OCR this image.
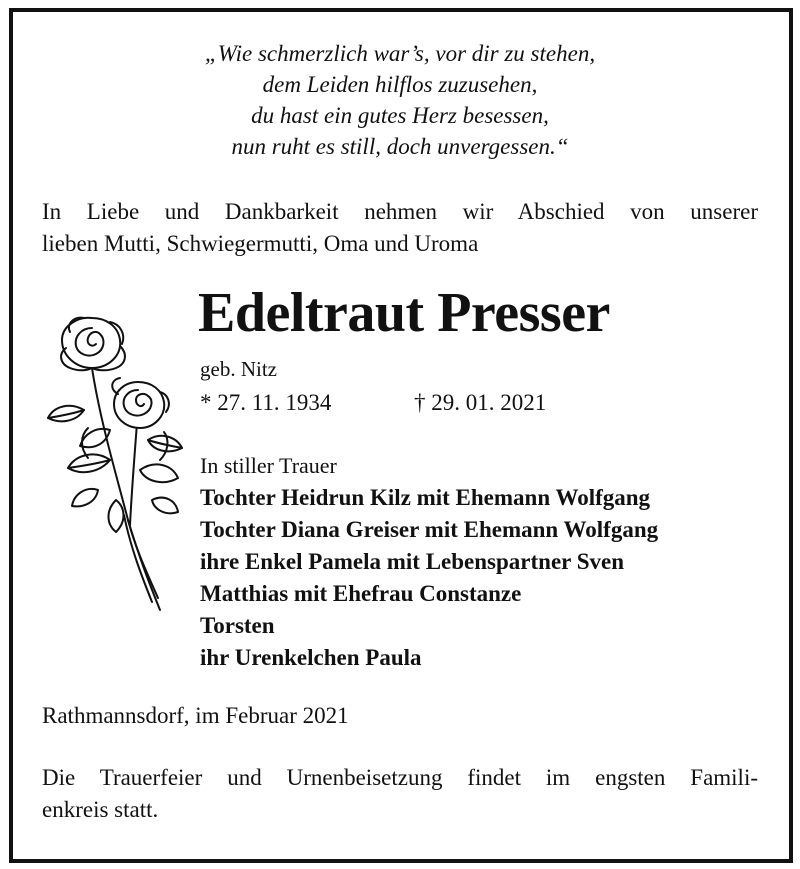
„Wie schmerzlich war’s, vor dir zu stehen,
dem Leiden hilflos zuzusehen,
du hast ein gutes Herz besessen,
nun ruht es still, doch unvergessen.“
In Liebe und Dankbarkeit nehmen wir Abschied von unserer
lieben Mutti, Schwiegermutti, Oma und Uroma
Edeltraut Presser
geb. Nitz
* 27. 11. 1934	† 29. 01. 2021
In stiller Trauer
Tochter Heidrun Kilz mit Ehemann Wolfgang
Tochter Diana Greiser mit Ehemann Wolfgang
ihre Enkel Pamela mit Lebenspartner Sven
Matthias mit Ehefrau Constanze
Torsten
ihr Urenkelchen Paula
Rathmannsdorf, im Februar 2021
Die Trauerfeier und Urnenbeisetzung findet im engsten Famili-
enkreis statt.
